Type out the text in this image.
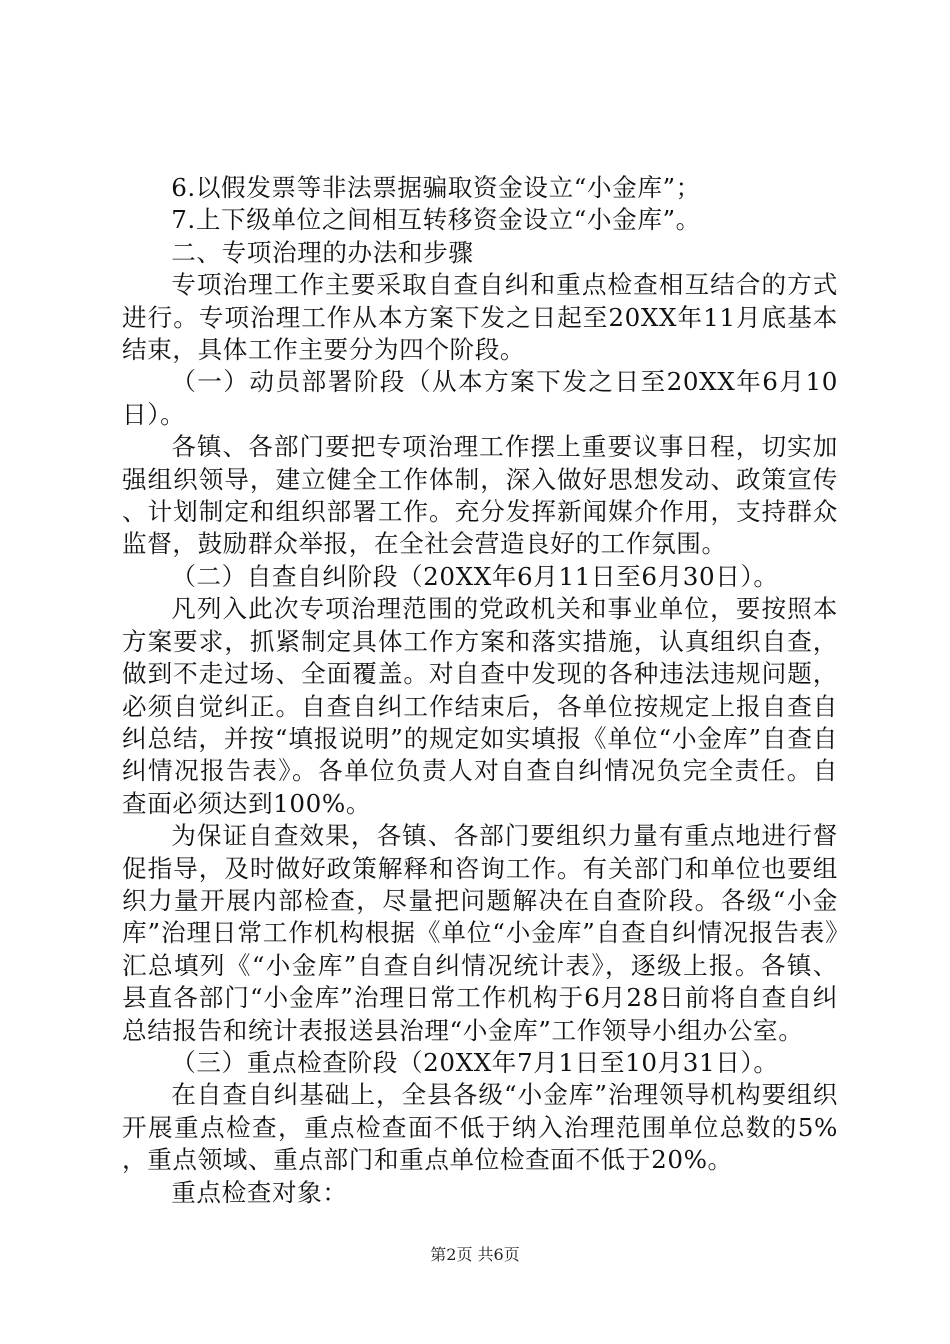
6.以假发票等非法票据骗取资金设立“小金库”；

7.上下级单位之间相互转移资金设立“小金库”。

二、专项治理的办法和步骤

专项治理工作主要采取自查自纠和重点检查相互结合的方式进行。专项治理工作从本方案下发之日起至20XX年11月底基本结束，具体工作主要分为四个阶段。

（一）动员部署阶段（从本方案下发之日至20XX年6月10日）。

各镇、各部门要把专项治理工作摆上重要议事日程，切实加强组织领导，建立健全工作体制，深入做好思想发动、政策宣传、计划制定和组织部署工作。充分发挥新闻媒介作用，支持群众监督，鼓励群众举报，在全社会营造良好的工作氛围。

（二）自查自纠阶段（20XX年6月11日至6月30日）。

凡列入此次专项治理范围的党政机关和事业单位，要按照本方案要求，抓紧制定具体工作方案和落实措施，认真组织自查，做到不走过场、全面覆盖。对自查中发现的各种违法违规问题，必须自觉纠正。自查自纠工作结束后，各单位按规定上报自查自纠总结，并按“填报说明”的规定如实填报《单位“小金库”自查自纠情况报告表》。各单位负责人对自查自纠情况负完全责任。自查面必须达到100%。

为保证自查效果，各镇、各部门要组织力量有重点地进行督促指导，及时做好政策解释和咨询工作。有关部门和单位也要组织力量开展内部检查，尽量把问题解决在自查阶段。各级“小金库”治理日常工作机构根据《单位“小金库”自查自纠情况报告表》汇总填列《“小金库”自查自纠情况统计表》，逐级上报。各镇、县直各部门“小金库”治理日常工作机构于6月28日前将自查自纠总结报告和统计表报送县治理“小金库”工作领导小组办公室。

（三）重点检查阶段（20XX年7月1日至10月31日）。

在自查自纠基础上，全县各级“小金库”治理领导机构要组织开展重点检查，重点检查面不低于纳入治理范围单位总数的5%，重点领域、重点部门和重点单位检查面不低于20%。

重点检查对象：

第2页 共6页
